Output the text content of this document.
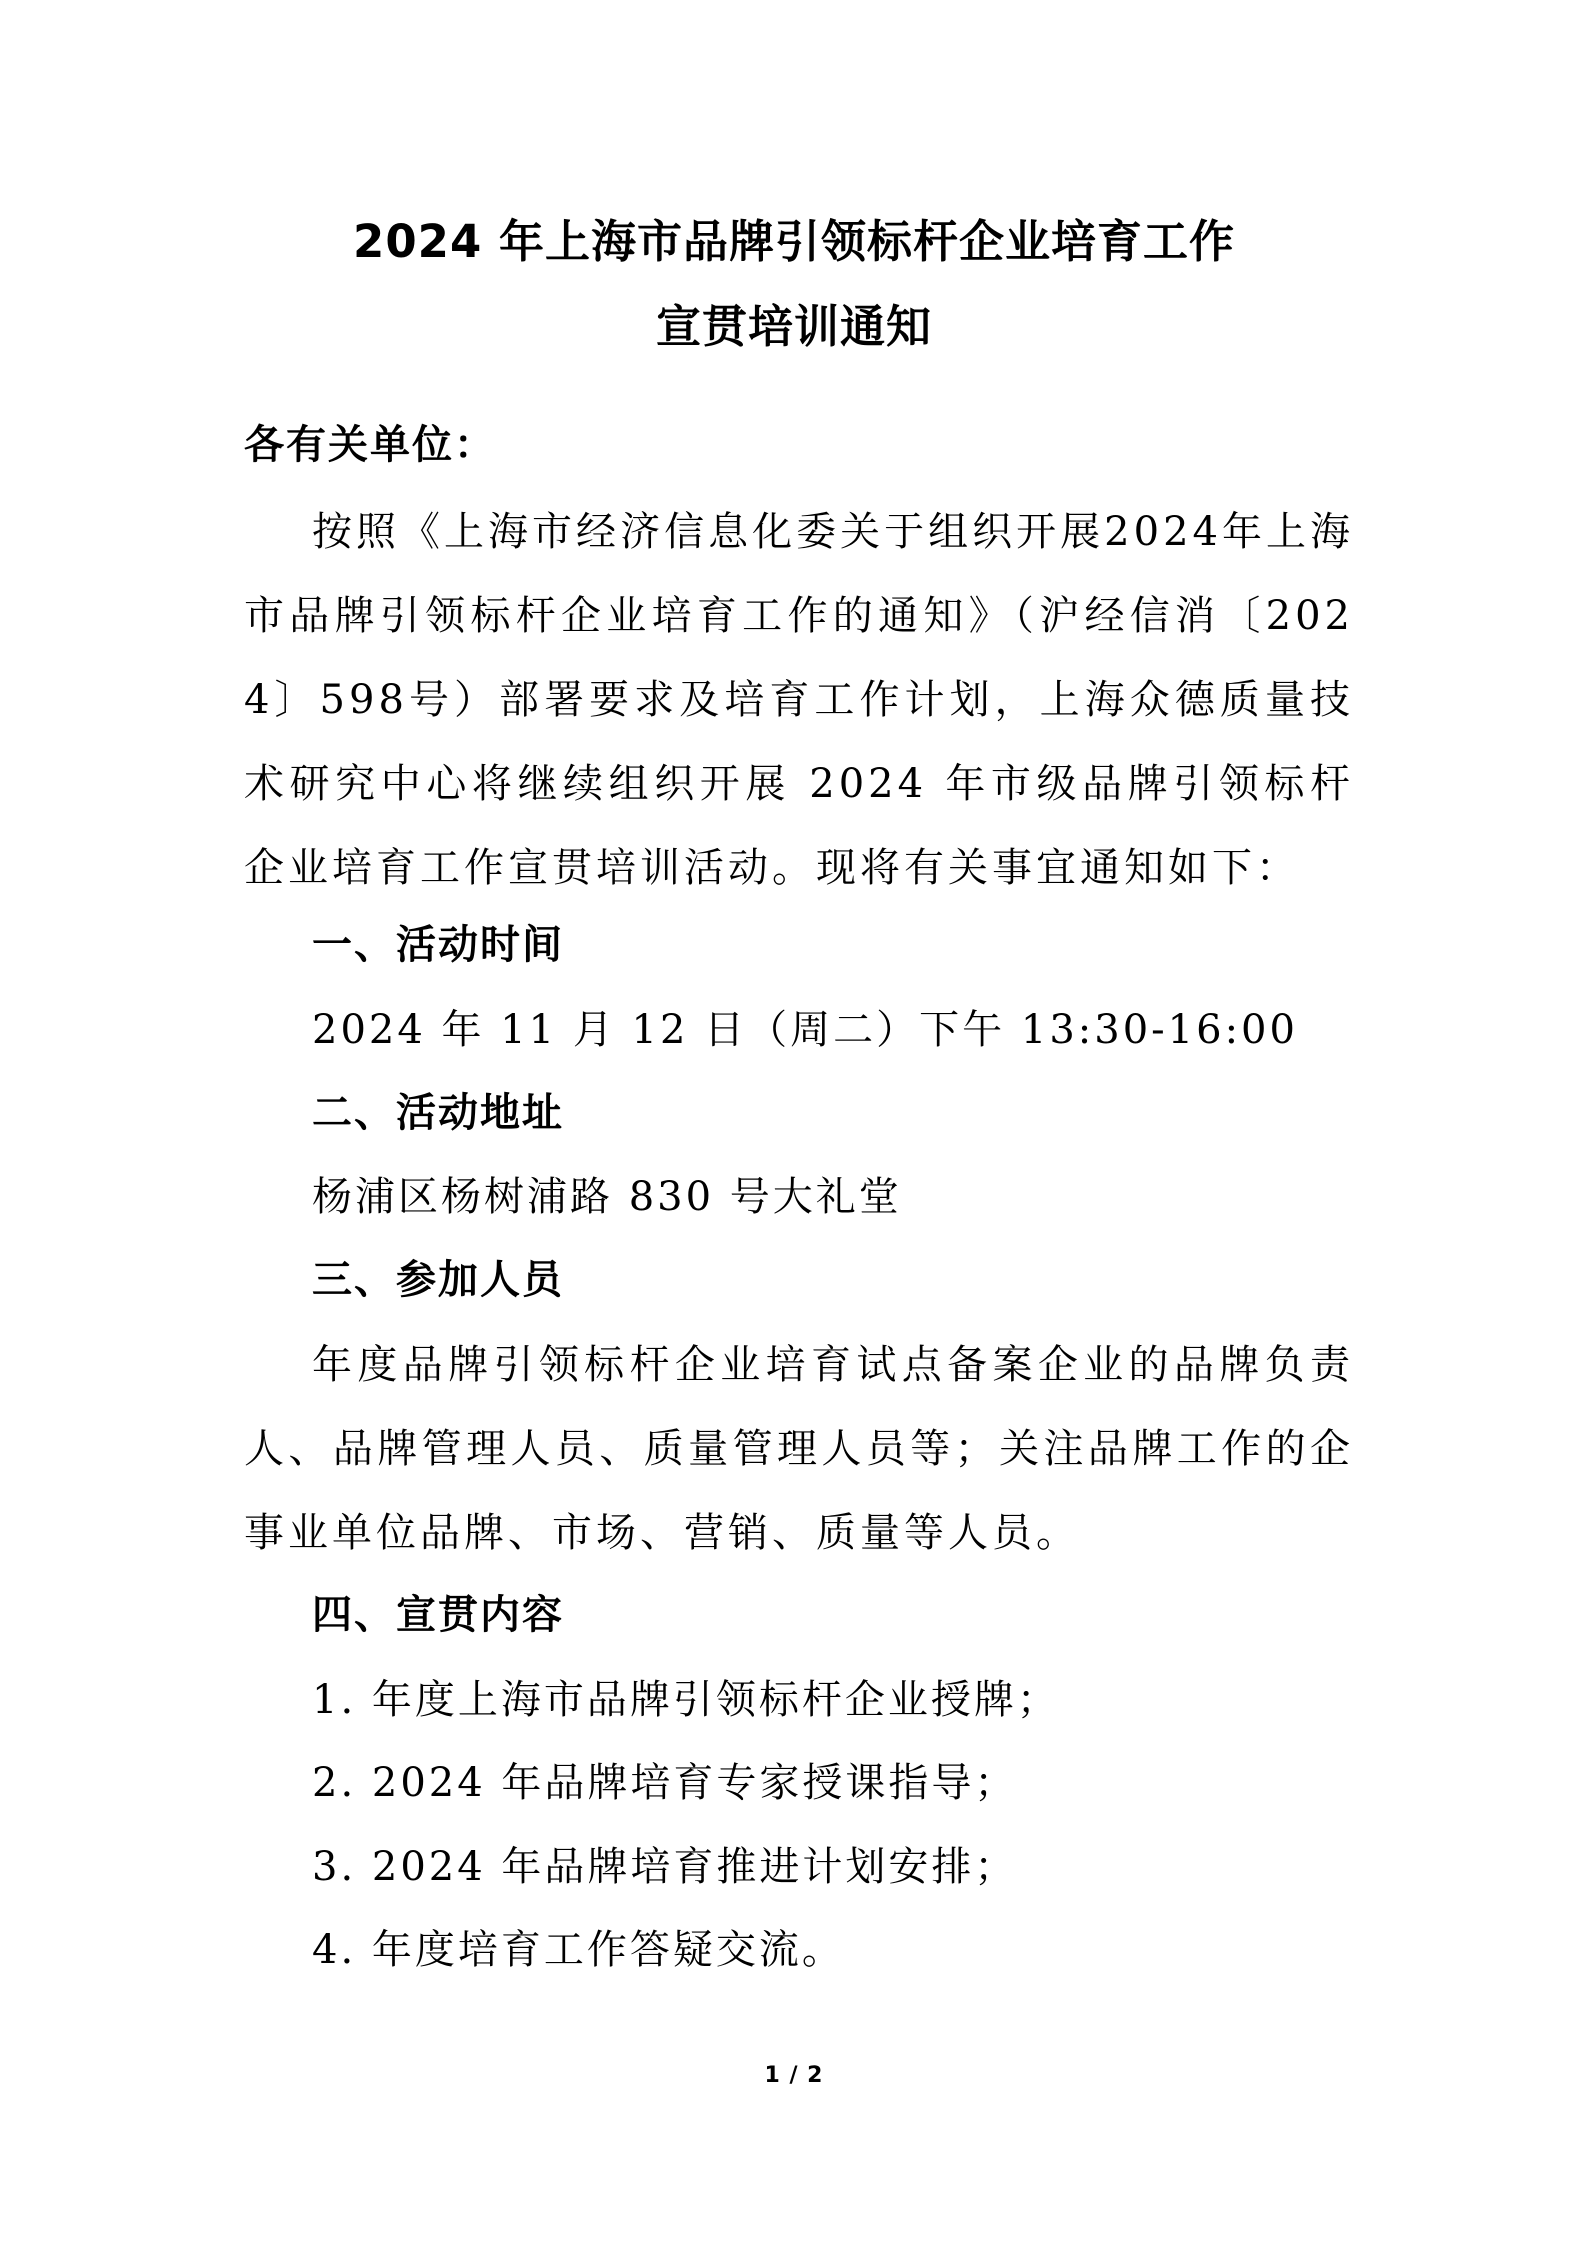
2024 年上海市品牌引领标杆企业培育工作
宣贯培训通知
各有关单位：
按照《上海市经济信息化委关于组织开展2024年上海市品牌引领标杆企业培育工作的通知》（沪经信消〔2024〕598号）部署要求及培育工作计划，上海众德质量技术研究中心将继续组织开展 2024 年市级品牌引领标杆企业培育工作宣贯培训活动。现将有关事宜通知如下：
一、活动时间
2024 年 11 月 12 日（周二）下午 13:30-16:00
二、活动地址
杨浦区杨树浦路 830 号大礼堂
三、参加人员
年度品牌引领标杆企业培育试点备案企业的品牌负责人、品牌管理人员、质量管理人员等；关注品牌工作的企事业单位品牌、市场、营销、质量等人员。
四、宣贯内容
1. 年度上海市品牌引领标杆企业授牌；
2. 2024 年品牌培育专家授课指导；
3. 2024 年品牌培育推进计划安排；
4. 年度培育工作答疑交流。
1 / 2
